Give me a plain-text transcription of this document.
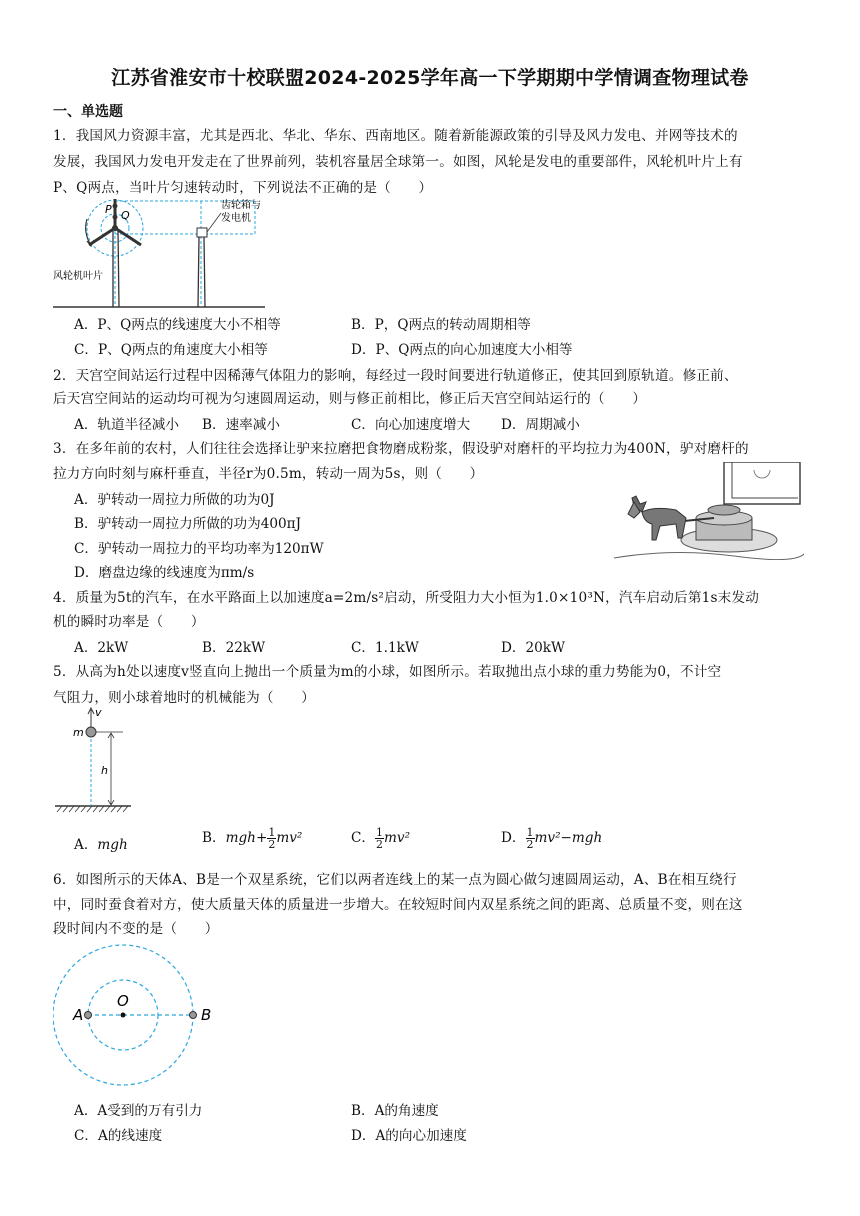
江苏省淮安市十校联盟2024-2025学年高一下学期期中学情调查物理试卷
一、单选题
1．我国风力资源丰富，尤其是西北、华北、华东、西南地区。随着新能源政策的引导及风力发电、并网等技术的
发展，我国风力发电开发走在了世界前列，装机容量居全球第一。如图，风轮是发电的重要部件，风轮机叶片上有
P、Q两点，当叶片匀速转动时，下列说法不正确的是（　　）
P Q
齿轮箱与
发电机
风轮机叶片
A．P、Q两点的线速度大小不相等	B．P，Q两点的转动周期相等
C．P、Q两点的角速度大小相等	D．P、Q两点的向心加速度大小相等
2．天宫空间站运行过程中因稀薄气体阻力的影响，每经过一段时间要进行轨道修正，使其回到原轨道。修正前、
后天宫空间站的运动均可视为匀速圆周运动，则与修正前相比，修正后天宫空间站运行的（　　）
A．轨道半径减小 B．速率减小	C．向心加速度增大 D．周期减小
3．在多年前的农村，人们往往会选择让驴来拉磨把食物磨成粉浆，假设驴对磨杆的平均拉力为400N，驴对磨杆的
拉力方向时刻与麻杆垂直，半径r为0.5m，转动一周为5s，则（　　）
A．驴转动一周拉力所做的功为0J
B．驴转动一周拉力所做的功为400πJ
C．驴转动一周拉力的平均功率为120πW
D．磨盘边缘的线速度为πm/s
4．质量为5t的汽车，在水平路面上以加速度a=2m/s²启动，所受阻力大小恒为1.0×10³N，汽车启动后第1s末发动
机的瞬时功率是（　　）
A．2kW	B．22kW	C．1.1kW	D．20kW
5．从高为h处以速度v竖直向上抛出一个质量为m的小球，如图所示。若取抛出点小球的重力势能为0，不计空
气阻力，则小球着地时的机械能为（　　）
v
m
h
A．mgh	B．$mgh+ \frac{1}{2} mv^2$	C． $\frac{1}{2} mv^2$	D． $\frac{1}{2} mv^2-mgh$
6．如图所示的天体A、B是一个双星系统，它们以两者连线上的某一点为圆心做匀速圆周运动，A、B在相互绕行
中，同时蚕食着对方，使大质量天体的质量进一步增大。在较短时间内双星系统之间的距离、总质量不变，则在这
段时间内不变的是（　　）
A
O
B
A．A受到的万有引力	B．A的角速度
C．A的线速度	D．A的向心加速度
